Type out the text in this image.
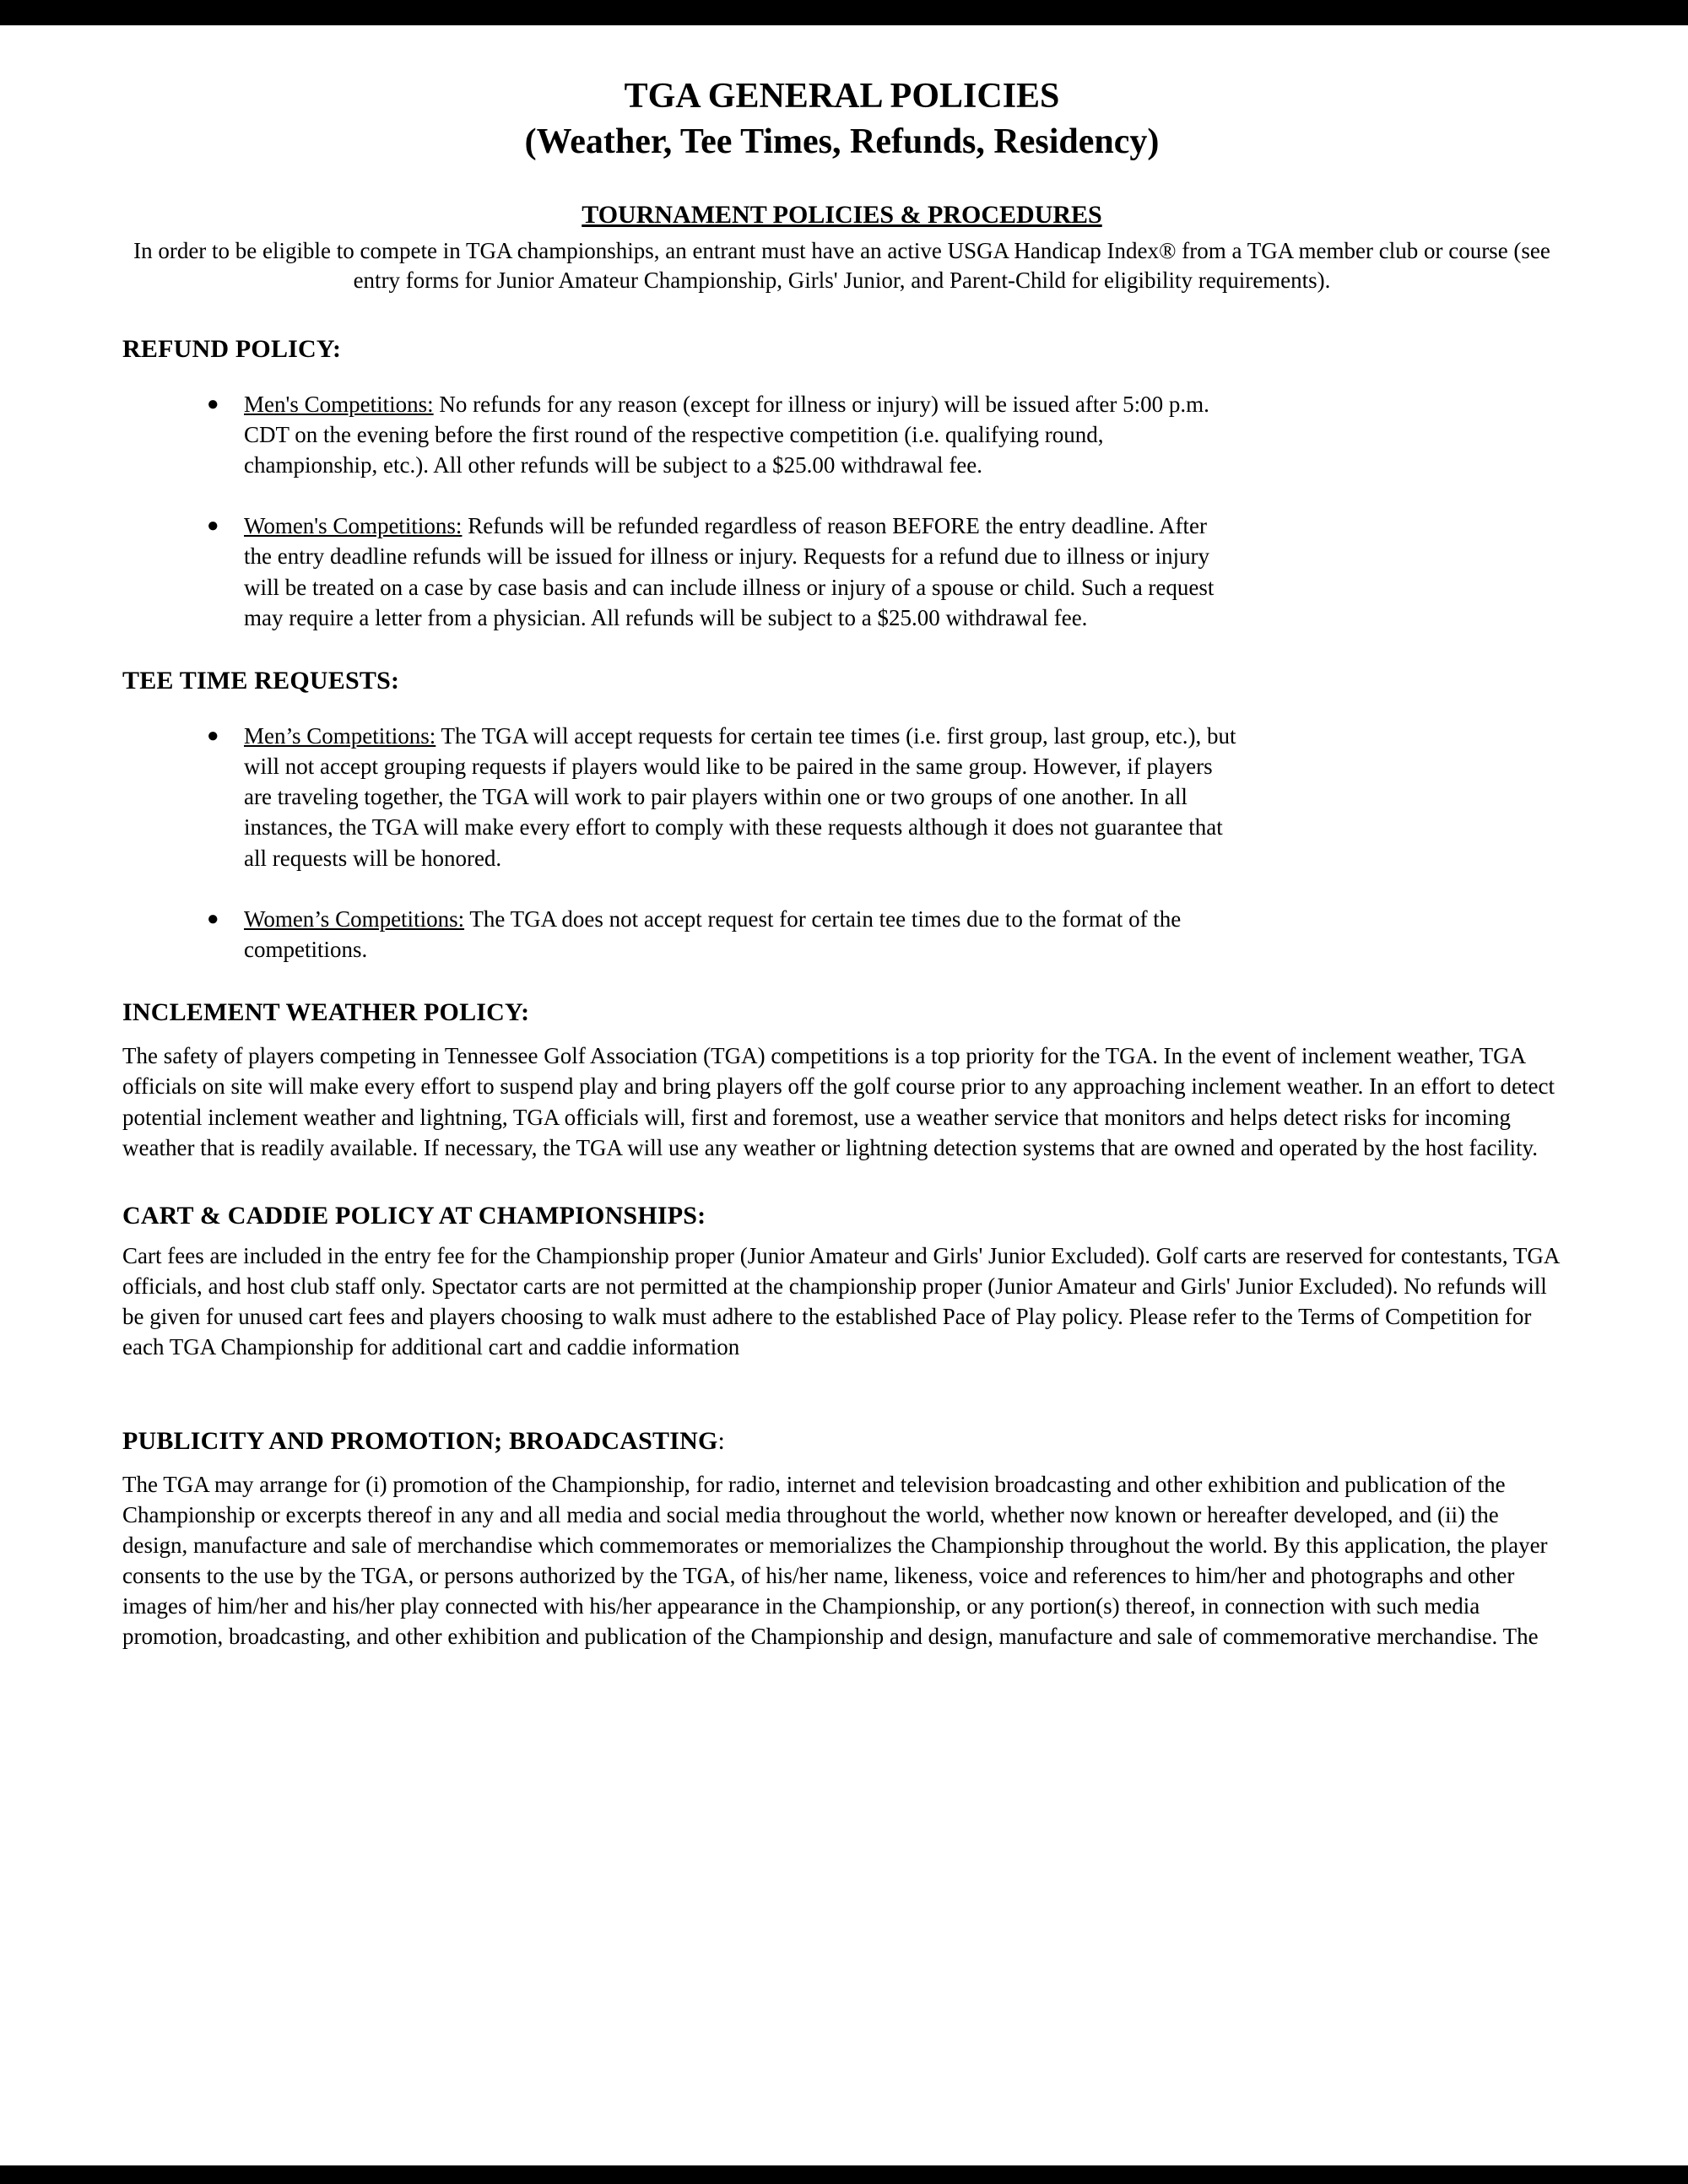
TGA GENERAL POLICIES
(Weather, Tee Times, Refunds, Residency)
TOURNAMENT POLICIES & PROCEDURES
In order to be eligible to compete in TGA championships, an entrant must have an active USGA Handicap Index® from a TGA member club or course (see entry forms for Junior Amateur Championship, Girls' Junior, and Parent-Child for eligibility requirements).
REFUND POLICY:
●	Men's Competitions: No refunds for any reason (except for illness or injury) will be issued after 5:00 p.m. CDT on the evening before the first round of the respective competition (i.e. qualifying round, championship, etc.). All other refunds will be subject to a $25.00 withdrawal fee.
●	Women's Competitions: Refunds will be refunded regardless of reason BEFORE the entry deadline. After the entry deadline refunds will be issued for illness or injury. Requests for a refund due to illness or injury will be treated on a case by case basis and can include illness or injury of a spouse or child. Such a request may require a letter from a physician. All refunds will be subject to a $25.00 withdrawal fee.
TEE TIME REQUESTS:
●	Men’s Competitions: The TGA will accept requests for certain tee times (i.e. first group, last group, etc.), but will not accept grouping requests if players would like to be paired in the same group. However, if players are traveling together, the TGA will work to pair players within one or two groups of one another. In all instances, the TGA will make every effort to comply with these requests although it does not guarantee that all requests will be honored.
●	Women’s Competitions: The TGA does not accept request for certain tee times due to the format of the competitions.
INCLEMENT WEATHER POLICY:
The safety of players competing in Tennessee Golf Association (TGA) competitions is a top priority for the TGA. In the event of inclement weather, TGA officials on site will make every effort to suspend play and bring players off the golf course prior to any approaching inclement weather. In an effort to detect potential inclement weather and lightning, TGA officials will, first and foremost, use a weather service that monitors and helps detect risks for incoming weather that is readily available. If necessary, the TGA will use any weather or lightning detection systems that are owned and operated by the host facility.
CART & CADDIE POLICY AT CHAMPIONSHIPS:
Cart fees are included in the entry fee for the Championship proper (Junior Amateur and Girls' Junior Excluded). Golf carts are reserved for contestants, TGA officials, and host club staff only. Spectator carts are not permitted at the championship proper (Junior Amateur and Girls' Junior Excluded). No refunds will be given for unused cart fees and players choosing to walk must adhere to the established Pace of Play policy. Please refer to the Terms of Competition for each TGA Championship for additional cart and caddie information
PUBLICITY AND PROMOTION; BROADCASTING:
The TGA may arrange for (i) promotion of the Championship, for radio, internet and television broadcasting and other exhibition and publication of the Championship or excerpts thereof in any and all media and social media throughout the world, whether now known or hereafter developed, and (ii) the design, manufacture and sale of merchandise which commemorates or memorializes the Championship throughout the world. By this application, the player consents to the use by the TGA, or persons authorized by the TGA, of his/her name, likeness, voice and references to him/her and photographs and other images of him/her and his/her play connected with his/her appearance in the Championship, or any portion(s) thereof, in connection with such media promotion, broadcasting, and other exhibition and publication of the Championship and design, manufacture and sale of commemorative merchandise. The
